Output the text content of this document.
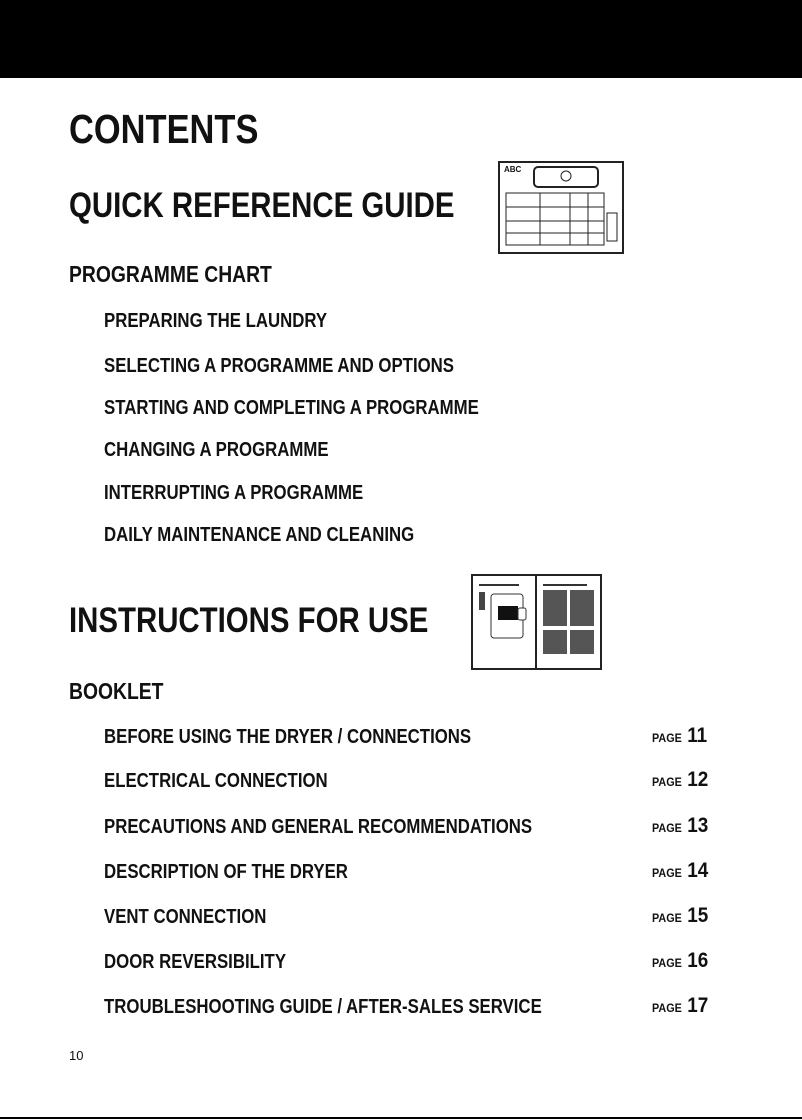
CONTENTS
QUICK REFERENCE GUIDE
ABC
PROGRAMME CHART
PREPARING THE LAUNDRY
SELECTING A PROGRAMME AND OPTIONS
STARTING AND COMPLETING A PROGRAMME
CHANGING A PROGRAMME
INTERRUPTING A PROGRAMME
DAILY MAINTENANCE AND CLEANING
INSTRUCTIONS FOR USE
BOOKLET
BEFORE USING THE DRYER / CONNECTIONS	PAGE 11
ELECTRICAL CONNECTION	PAGE 12
PRECAUTIONS AND GENERAL RECOMMENDATIONS	PAGE 13
DESCRIPTION OF THE DRYER	PAGE 14
VENT CONNECTION	PAGE 15
DOOR REVERSIBILITY	PAGE 16
TROUBLESHOOTING GUIDE / AFTER-SALES SERVICE	PAGE 17
10
